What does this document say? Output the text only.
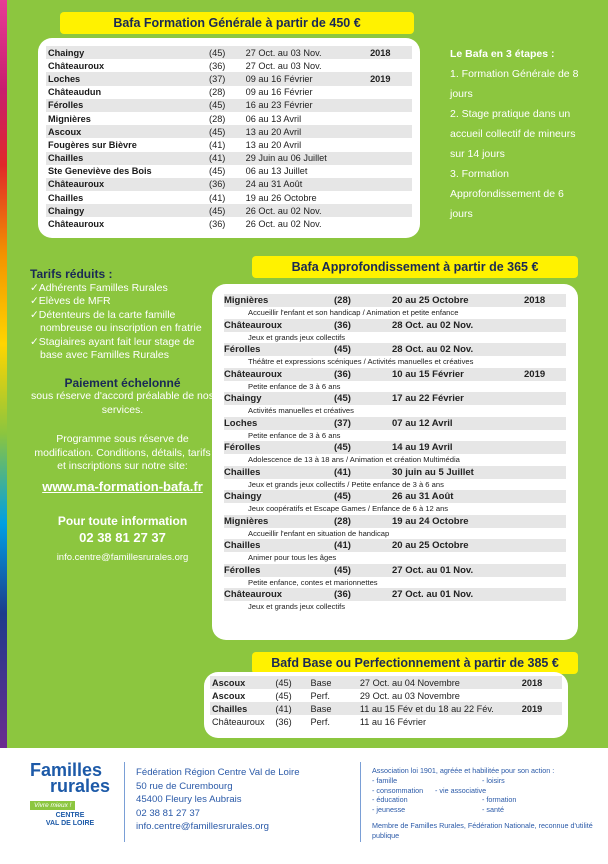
Bafa Formation Générale à partir de 450 €
Chaingy	(45)	27 Oct. au 03 Nov.	2018
Châteauroux	(36)	27 Oct. au 03 Nov.	
Loches	(37)	09 au 16 Février	2019
Châteaudun	(28)	09 au 16 Février	
Férolles	(45)	16 au 23 Février	
Mignières	(28)	06 au 13 Avril	
Ascoux	(45)	13 au 20 Avril	
Fougères sur Bièvre	(41)	13 au 20 Avril	
Chailles	(41)	29 Juin au 06 Juillet	
Ste Geneviève des Bois	(45)	06 au 13 Juillet	
Châteauroux	(36)	24 au 31 Août	
Chailles	(41)	19 au 26 Octobre	
Chaingy	(45)	26 Oct. au 02 Nov.	
Châteauroux	(36)	26 Oct. au 02 Nov.	
Le Bafa en 3 étapes :
1. Formation Générale de 8 jours
2. Stage pratique dans un accueil collectif de mineurs sur 14 jours
3. Formation Approfondissement de 6 jours
Bafa Approfondissement à partir de 365 €
Mignières	(28)	20 au 25 Octobre	2018
Accueillir l'enfant et son handicap / Animation et petite enfance
Châteauroux	(36)	28 Oct. au 02 Nov.
Jeux et grands jeux collectifs
Férolles	(45)	28 Oct. au 02 Nov.
Théâtre et expressions scéniques / Activités manuelles et créatives
Châteauroux	(36)	10 au 15 Février	2019
Petite enfance de 3 à 6 ans
Chaingy	(45)	17 au 22 Février
Activités manuelles et créatives
Loches	(37)	07 au 12 Avril
Petite enfance de 3 à 6 ans
Férolles	(45)	14 au 19 Avril
Adolescence de 13 à 18 ans / Animation et création Multimédia
Chailles	(41)	30 juin au 5 Juillet
Jeux et grands jeux collectifs / Petite enfance de 3 à 6 ans
Chaingy	(45)	26 au 31 Août
Jeux coopératifs et Escape Games / Enfance de 6 à 12 ans
Mignières	(28)	19 au 24 Octobre
Accueillir l'enfant en situation de handicap
Chailles	(41)	20 au 25 Octobre
Animer pour tous les âges
Férolles	(45)	27 Oct. au 01 Nov.
Petite enfance, contes et marionnettes
Châteauroux	(36)	27 Oct. au 01 Nov.
Jeux et grands jeux collectifs
Tarifs réduits :
✓Adhérents Familles Rurales
✓Elèves de MFR
✓Détenteurs de la carte famille nombreuse ou inscription en fratrie
✓Stagiaires ayant fait leur stage de base avec Familles Rurales
Paiement échelonné
sous réserve d'accord préalable de nos services.
Programme sous réserve de modification. Conditions, détails, tarifs et inscriptions sur notre site:
www.ma-formation-bafa.fr
Pour toute information
02 38 81 27 37
info.centre@famillesrurales.org
Bafd Base ou Perfectionnement à partir de 385 €
Ascoux	(45)	Base	27 Oct. au 04 Novembre	2018
Ascoux	(45)	Perf.	29 Oct. au 03 Novembre	
Chailles	(41)	Base	11 au 15 Fév et du 18 au 22 Fév.	2019
Châteauroux	(36)	Perf.	11 au 16 Février	
Familles
rurales
Vivre mieux !
CENTRE
VAL DE LOIRE
Fédération Région Centre Val de Loire
50 rue de Curembourg
45400 Fleury les Aubrais
02 38 81 27 37
info.centre@famillesrurales.org
Association loi 1901, agréée et habilitée pour son action :
- famille	- loisirs
- consommation	- vie associative
- éducation	- formation
- jeunesse	- santé
Membre de Familles Rurales, Fédération Nationale, reconnue d'utilité publique
